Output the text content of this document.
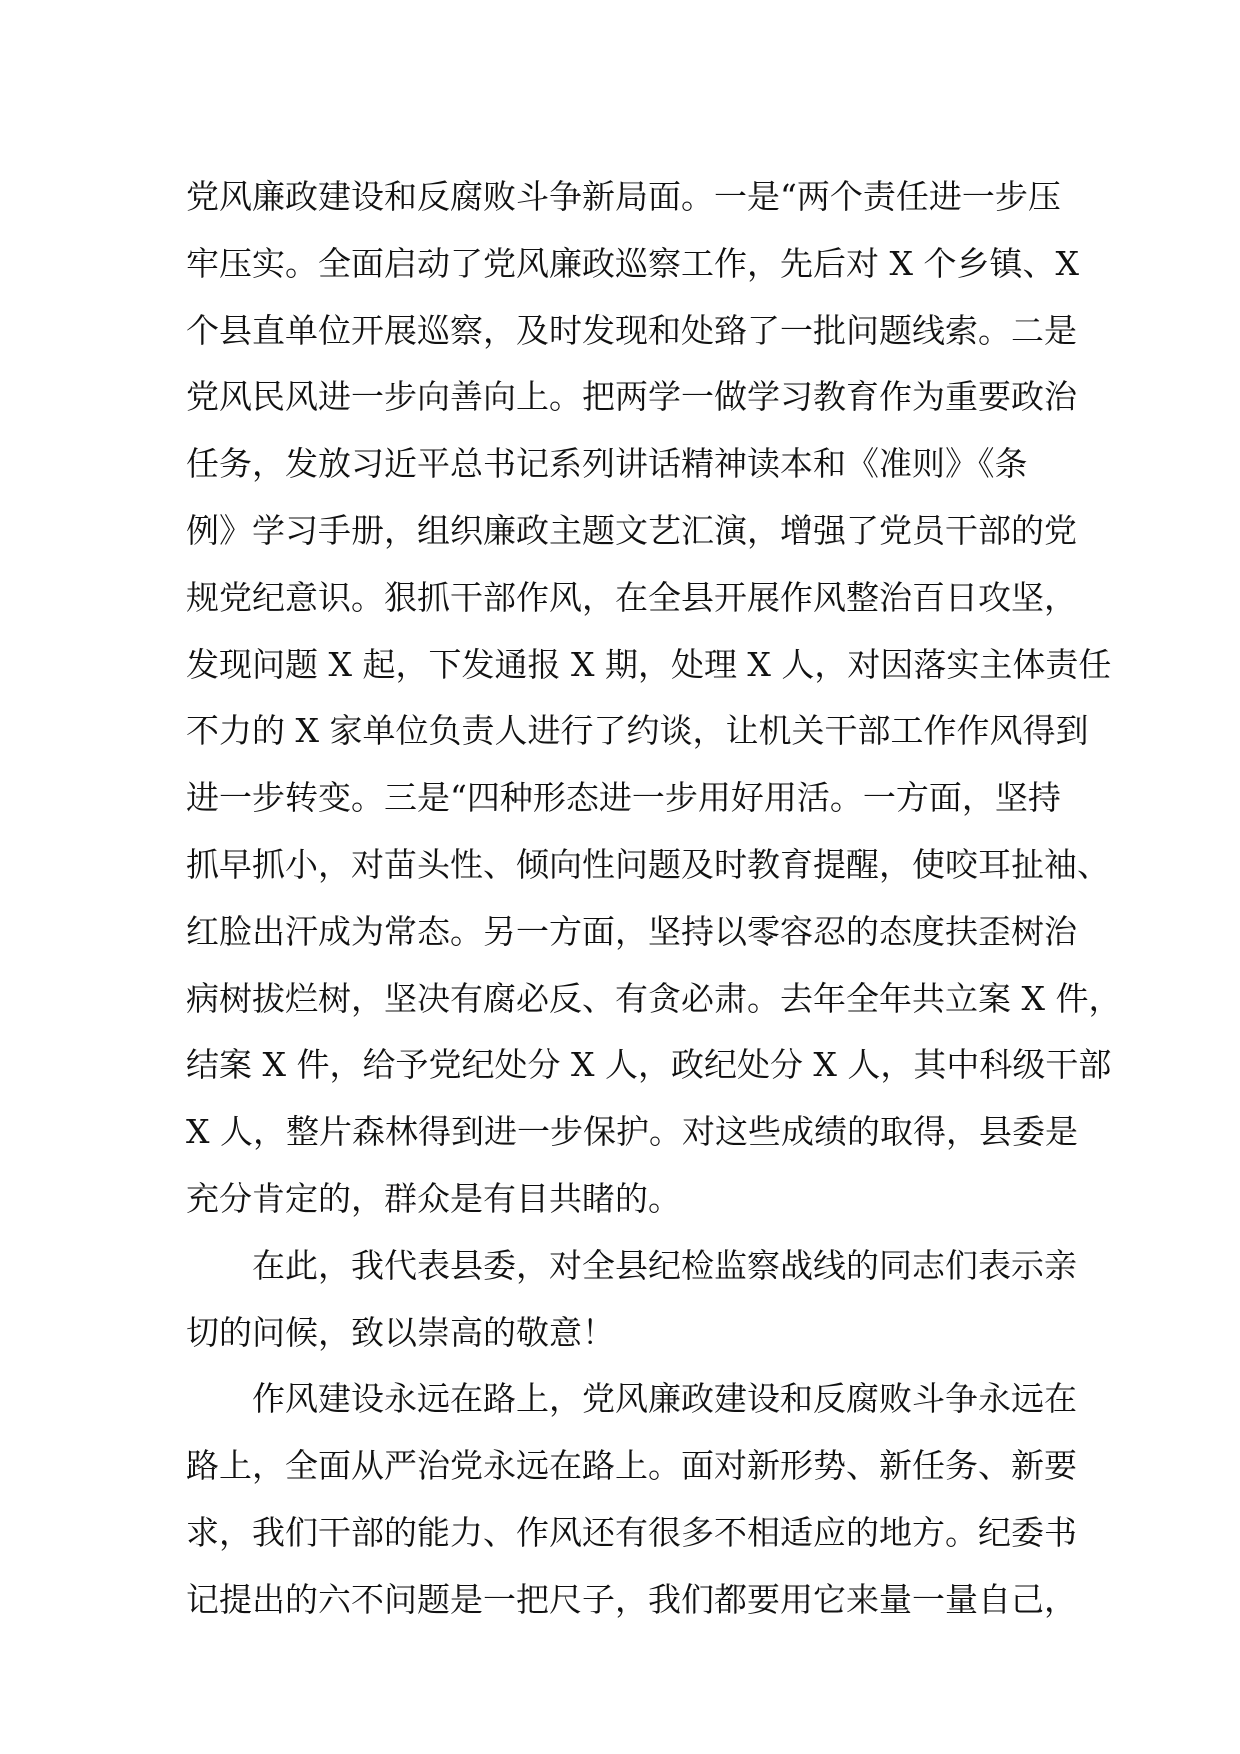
党风廉政建设和反腐败斗争新局面。一是“两个责任进一步压
牢压实。全面启动了党风廉政巡察工作，先后对 X 个乡镇、X
个县直单位开展巡察，及时发现和处臵了一批问题线索。二是
党风民风进一步向善向上。把两学一做学习教育作为重要政治
任务，发放习近平总书记系列讲话精神读本和《准则》《条
例》学习手册，组织廉政主题文艺汇演，增强了党员干部的党
规党纪意识。狠抓干部作风，在全县开展作风整治百日攻坚，
发现问题 X 起，下发通报 X 期，处理 X 人，对因落实主体责任
不力的 X 家单位负责人进行了约谈，让机关干部工作作风得到
进一步转变。三是“四种形态进一步用好用活。一方面，坚持
抓早抓小，对苗头性、倾向性问题及时教育提醒，使咬耳扯袖、
红脸出汗成为常态。另一方面，坚持以零容忍的态度扶歪树治
病树拔烂树，坚决有腐必反、有贪必肃。去年全年共立案 X 件，
结案 X 件，给予党纪处分 X 人，政纪处分 X 人，其中科级干部
X 人，整片森林得到进一步保护。对这些成绩的取得，县委是
充分肯定的，群众是有目共睹的。
在此，我代表县委，对全县纪检监察战线的同志们表示亲
切的问候，致以崇高的敬意！
作风建设永远在路上，党风廉政建设和反腐败斗争永远在
路上，全面从严治党永远在路上。面对新形势、新任务、新要
求，我们干部的能力、作风还有很多不相适应的地方。纪委书
记提出的六不问题是一把尺子，我们都要用它来量一量自己，
